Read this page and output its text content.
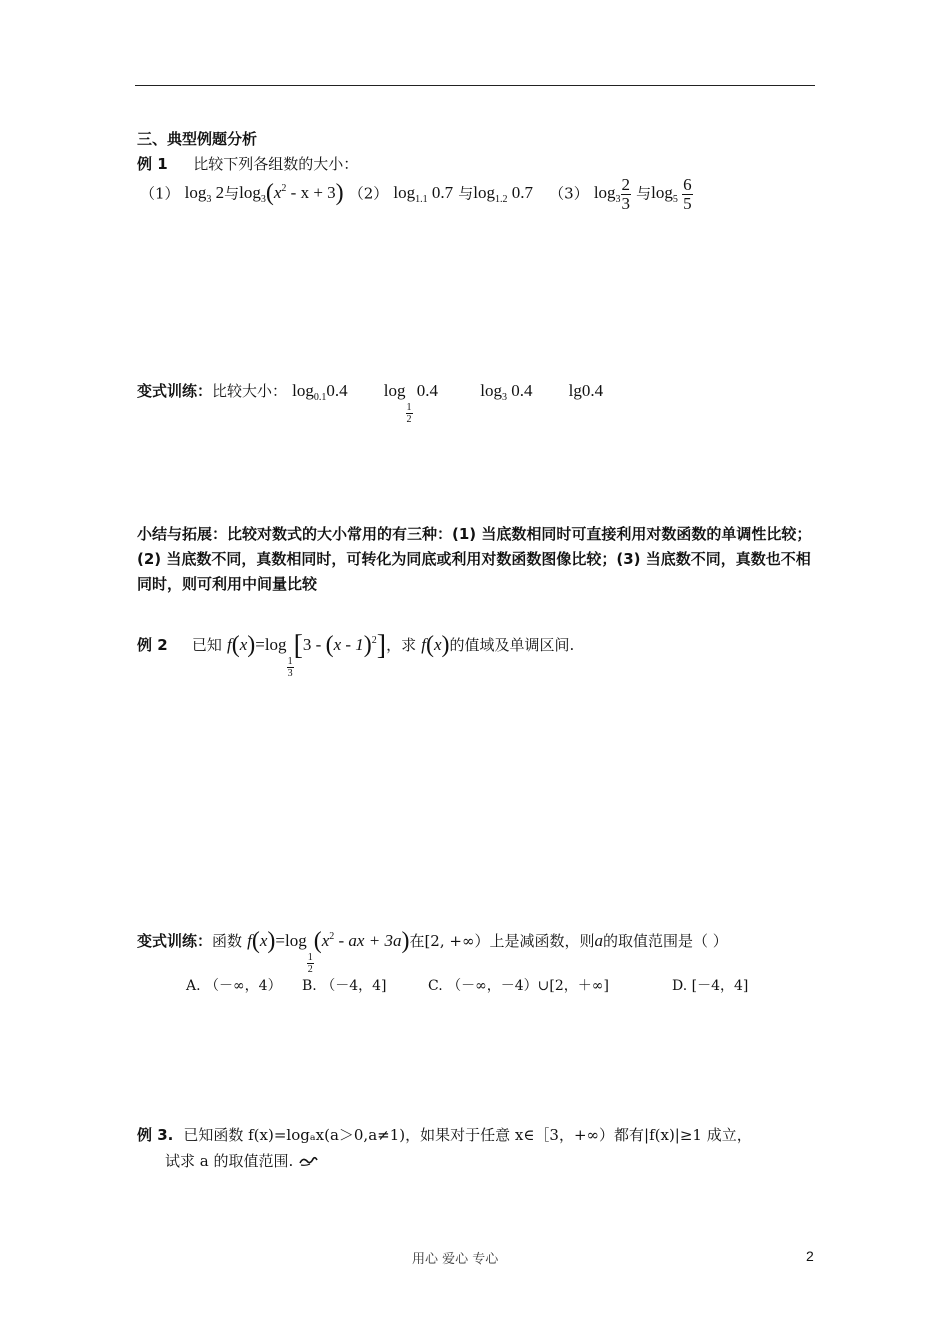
三、典型例题分析
例 1 比较下列各组数的大小：
（1） $\log_3 2$与$\log_3(x^2 - x + 3)$ （2） $\log_{1.1} 0.7$ 与$\log_{1.2} 0.7$ （3） $\log_3 \frac{2}{3}$ 与$\log_5 \frac{6}{5}$
变式训练：比较大小： $\log_{0.1}0.4$ log
$\frac{1}{2}$
0.4 $\log_3 0.4$ lg0.4
小结与拓展：比较对数式的大小常用的有三种：(1) 当底数相同时可直接利用对数函数的单调性比较；(2) 当底数不同，真数相同时，可转化为同底或利用对数函数图像比较；(3) 当底数不同，真数也不相同时，则可利用中间量比较
例 2 已知 f(x)=log
$\frac{1}{3}$
[3 - (x - 1)$^2$]，求 f(x)的值域及单调区间.
变式训练：函数 f(x)=log
$\frac{1}{2}$
($x^2$ - ax + 3a)在[2, +∞）上是减函数，则a的取值范围是（ ）
A. （－∞，4） B. （－4，4]	C. （－∞，－4）∪[2，＋∞]	D. [－4，4]
例 3. 已知函数 f(x)=logₐx(a＞0,a≠1)，如果对于任意 x∈［3，+∞）都有|f(x)|≥1 成立，
试求 a 的取值范围.
用心 爱心 专心	2
